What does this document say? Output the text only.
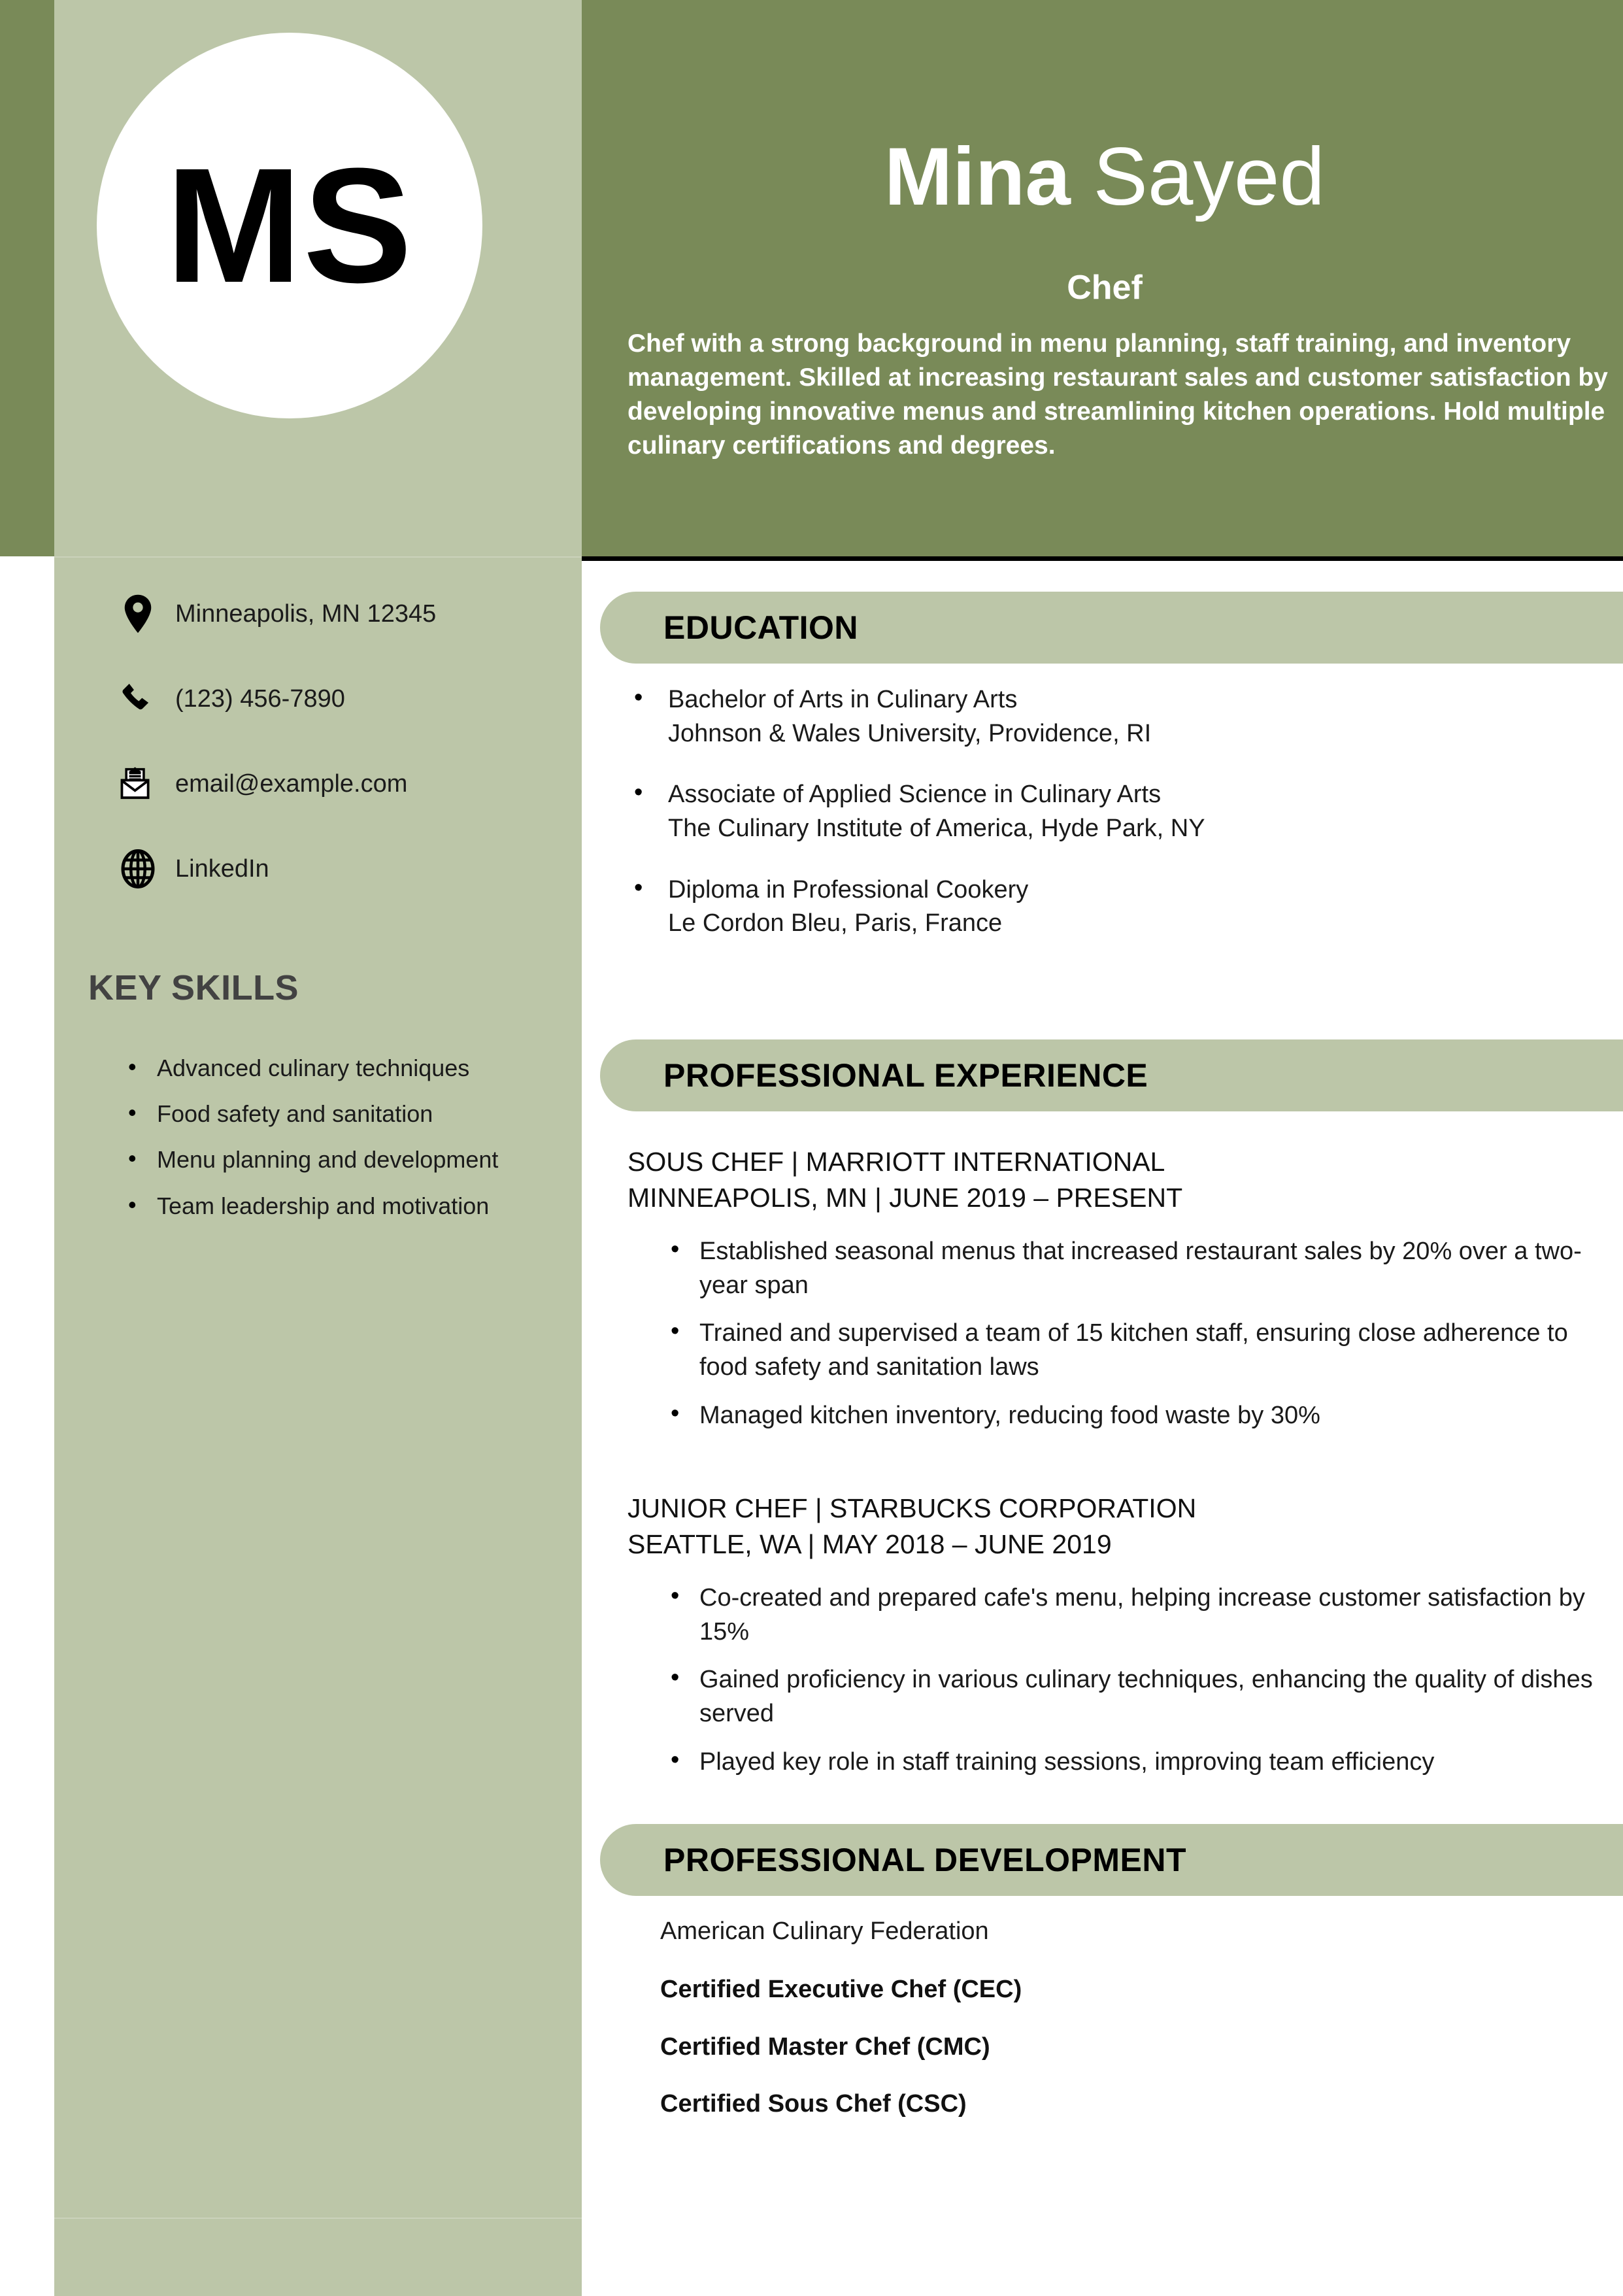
MS	Mina Sayed
Chef
Chef with a strong background in menu planning, staff training, and inventory management. Skilled at increasing restaurant sales and customer satisfaction by developing innovative menus and streamlining kitchen operations. Hold multiple culinary certifications and degrees.
Minneapolis, MN 12345
(123) 456-7890
email@example.com
LinkedIn
KEY SKILLS
• Advanced culinary techniques
• Food safety and sanitation
• Menu planning and development
• Team leadership and motivation
EDUCATION
• Bachelor of Arts in Culinary Arts
Johnson & Wales University, Providence, RI
• Associate of Applied Science in Culinary Arts
The Culinary Institute of America, Hyde Park, NY
• Diploma in Professional Cookery
Le Cordon Bleu, Paris, France
PROFESSIONAL EXPERIENCE
SOUS CHEF | MARRIOTT INTERNATIONAL
MINNEAPOLIS, MN | JUNE 2019 – PRESENT
• Established seasonal menus that increased restaurant sales by 20% over a two-year span
• Trained and supervised a team of 15 kitchen staff, ensuring close adherence to food safety and sanitation laws
• Managed kitchen inventory, reducing food waste by 30%
JUNIOR CHEF | STARBUCKS CORPORATION
SEATTLE, WA | MAY 2018 – JUNE 2019
• Co-created and prepared cafe's menu, helping increase customer satisfaction by 15%
• Gained proficiency in various culinary techniques, enhancing the quality of dishes served
• Played key role in staff training sessions, improving team efficiency
PROFESSIONAL DEVELOPMENT
American Culinary Federation
Certified Executive Chef (CEC)
Certified Master Chef (CMC)
Certified Sous Chef (CSC)
